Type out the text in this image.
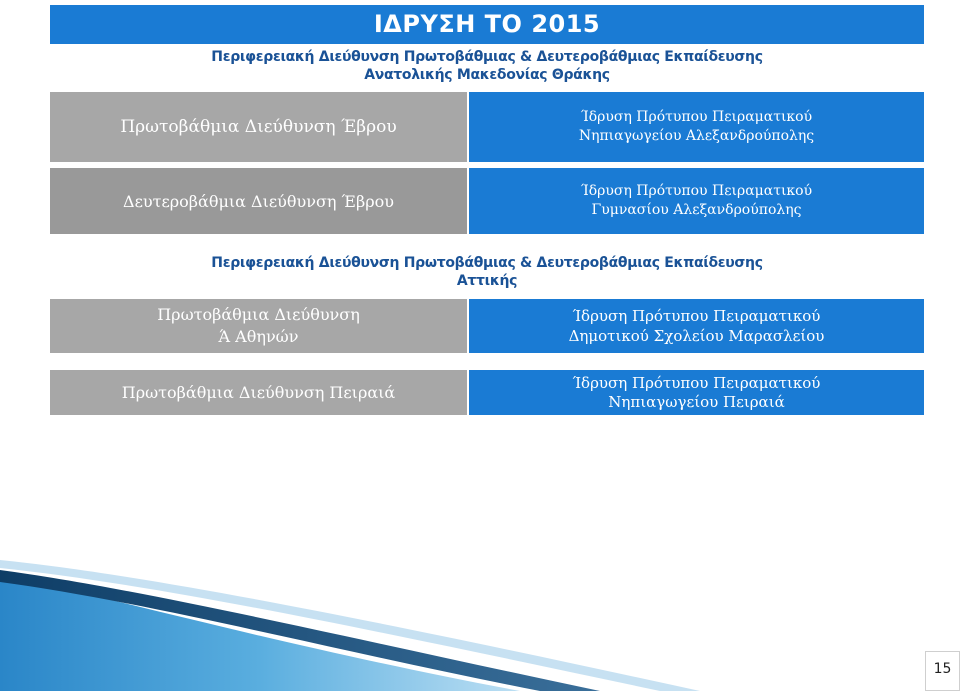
ΙΔΡΥΣΗ ΤΟ 2015
Περιφερειακή Διεύθυνση Πρωτοβάθμιας & Δευτεροβάθμιας Εκπαίδευσης
Ανατολικής Μακεδονίας Θράκης
Πρωτοβάθμια Διεύθυνση Έβρου	Ίδρυση Πρότυπου Πειραματικού
Νηπιαγωγείου Αλεξανδρούπολης
Δευτεροβάθμια Διεύθυνση Έβρου
Ίδρυση Πρότυπου Πειραματικού
Γυμνασίου Αλεξανδρούπολης
Περιφερειακή Διεύθυνση Πρωτοβάθμιας & Δευτεροβάθμιας Εκπαίδευσης
Αττικής
Πρωτοβάθμια Διεύθυνση
Ά Αθηνών
Ίδρυση Πρότυπου Πειραματικού
Δημοτικού Σχολείου Μαρασλείου
Πρωτοβάθμια Διεύθυνση Πειραιά
Ίδρυση Πρότυπου Πειραματικού
Νηπιαγωγείου Πειραιά
15
